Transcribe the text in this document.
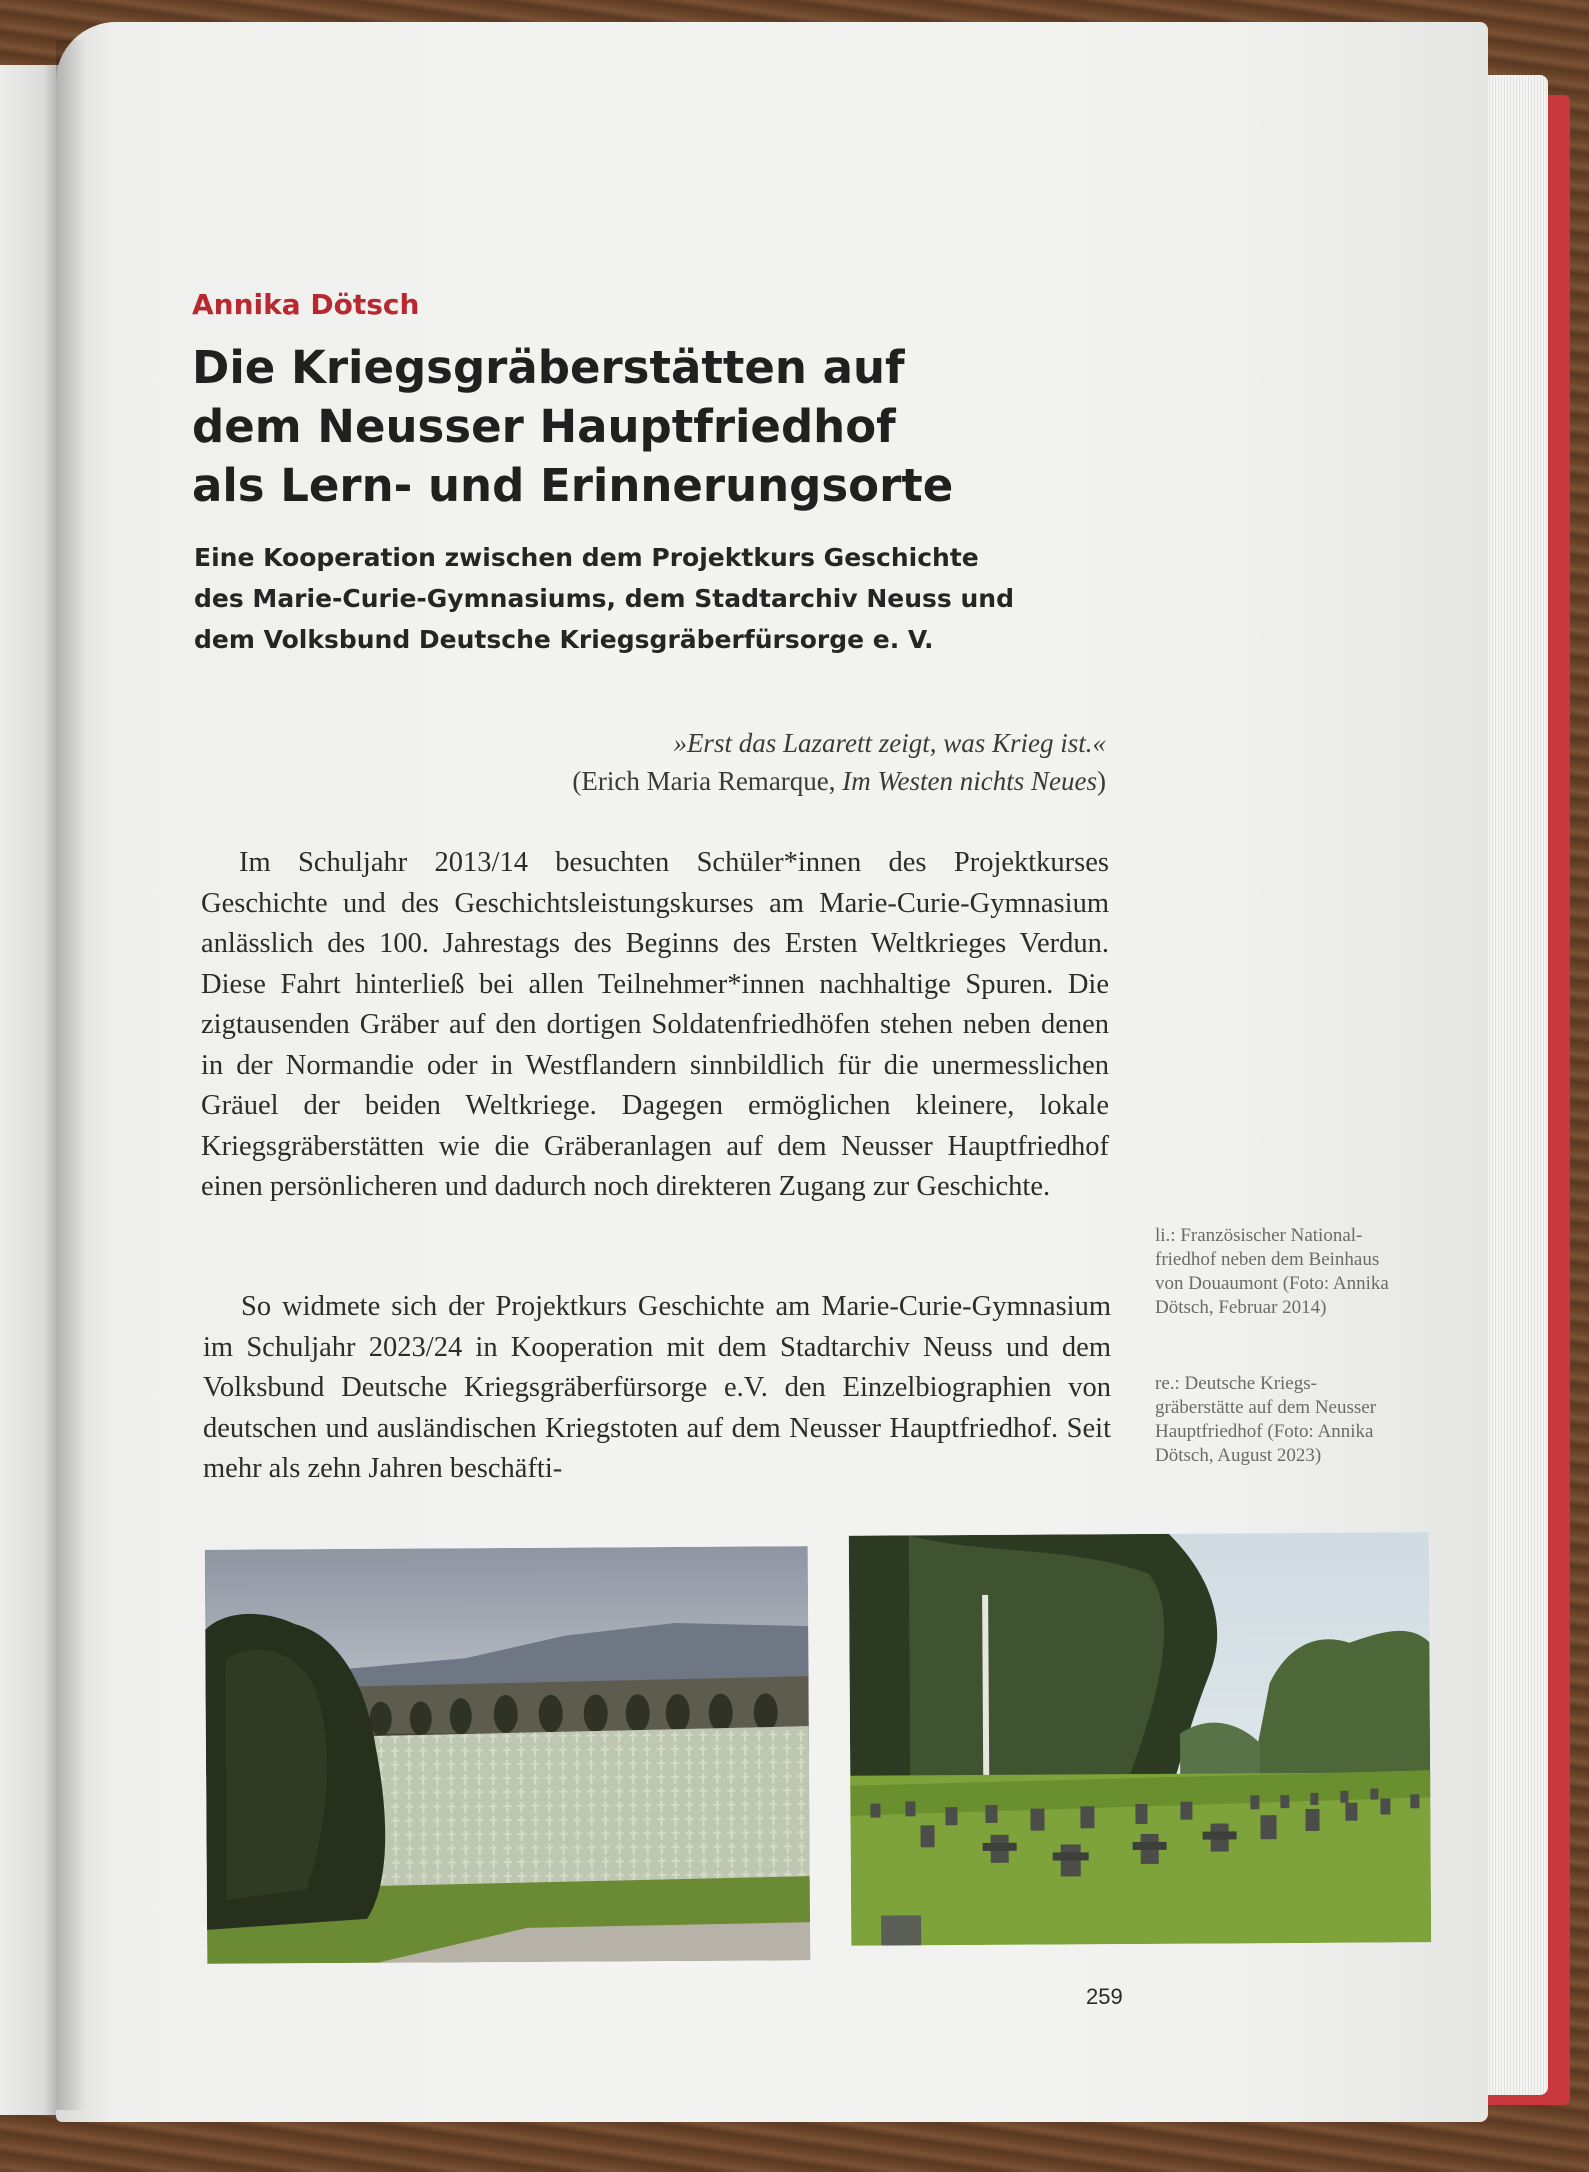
Annika Dötsch

Die Kriegsgräberstätten auf
dem Neusser Hauptfriedhof
als Lern- und Erinnerungsorte
Eine Kooperation zwischen dem Projektkurs Geschichte
des Marie-Curie-Gymnasiums, dem Stadtarchiv Neuss und
dem Volksbund Deutsche Kriegsgräberfürsorge e. V.
»Erst das Lazarett zeigt, was Krieg ist.«
(Erich Maria Remarque, Im Westen nichts Neues)

Im Schuljahr 2013/14 besuchten Schüler*innen des Projektkurses Geschichte und des Geschichtsleistungskurses am Marie-Curie-Gymnasium anlässlich des 100. Jahrestags des Beginns des Ersten Weltkrieges Verdun. Diese Fahrt hinterließ bei allen Teilnehmer*innen nachhaltige Spuren. Die zigtausenden Gräber auf den dortigen Soldatenfriedhöfen stehen neben denen in der Normandie oder in Westflandern sinnbildlich für die unermesslichen Gräuel der beiden Weltkriege. Dagegen ermöglichen kleinere, lokale Kriegsgräberstätten wie die Gräberanlagen auf dem Neusser Hauptfriedhof einen persönlicheren und dadurch noch direkteren Zugang zur Geschichte.

So widmete sich der Projektkurs Geschichte am Marie-Curie-Gymnasium im Schuljahr 2023/24 in Kooperation mit dem Stadtarchiv Neuss und dem Volksbund Deutsche Kriegsgräberfürsorge e.V. den Einzelbiographien von deutschen und ausländischen Kriegstoten auf dem Neusser Hauptfriedhof. Seit mehr als zehn Jahren beschäfti-

li.: Französischer National-friedhof neben dem Beinhaus von Douaumont (Foto: Annika Dötsch, Februar 2014)

re.: Deutsche Kriegs-gräberstätte auf dem Neusser Hauptfriedhof (Foto: Annika Dötsch, August 2023)

259
